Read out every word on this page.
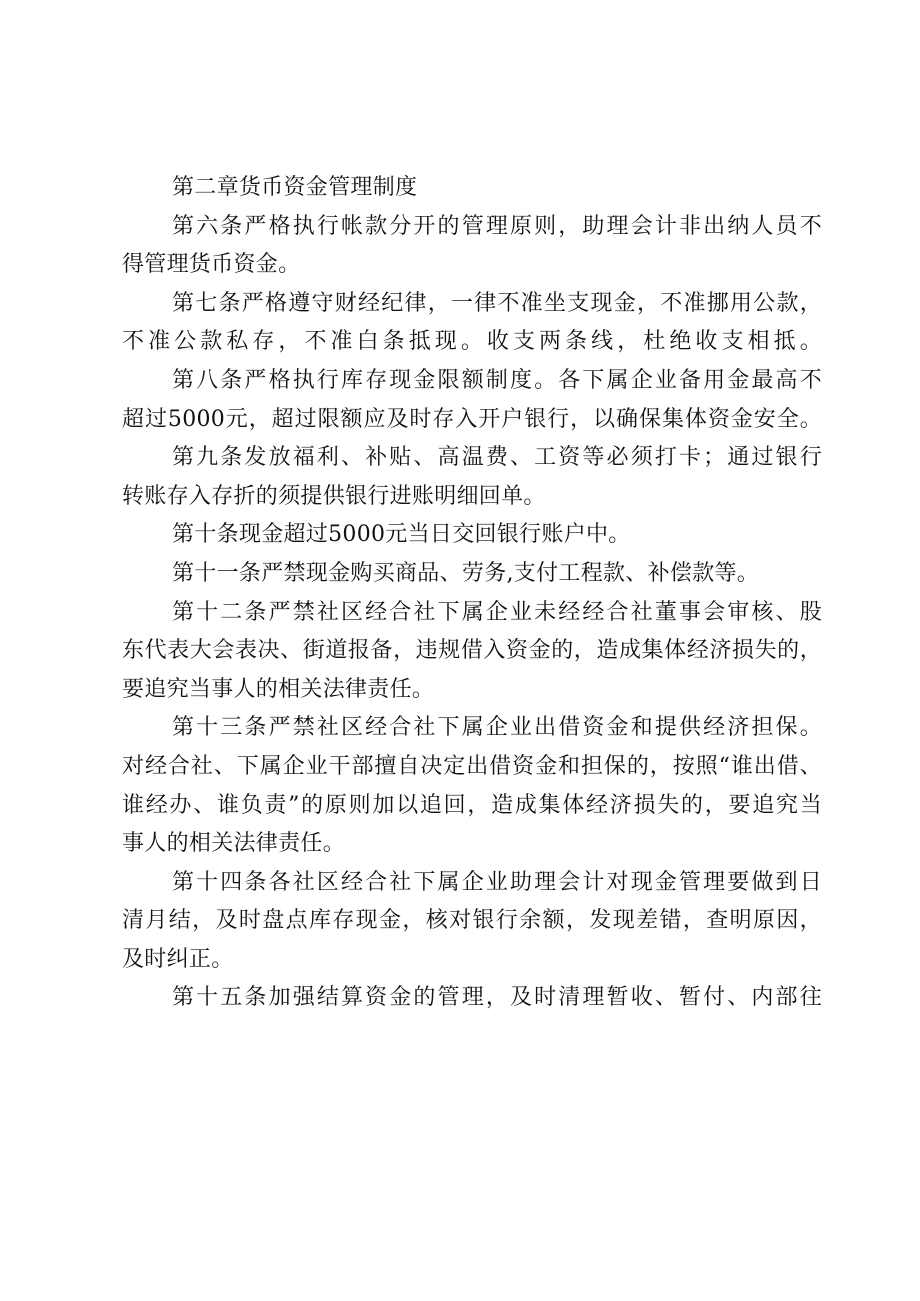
第二章货币资金管理制度
第六条严格执行帐款分开的管理原则，助理会计非出纳人员不
得管理货币资金。
第七条严格遵守财经纪律，一律不准坐支现金，不准挪用公款，
不准公款私存，不准白条抵现。收支两条线，杜绝收支相抵。
第八条严格执行库存现金限额制度。各下属企业备用金最高不
超过5000元，超过限额应及时存入开户银行，以确保集体资金安全。
第九条发放福利、补贴、高温费、工资等必须打卡；通过银行
转账存入存折的须提供银行进账明细回单。
第十条现金超过5000元当日交回银行账户中。
第十一条严禁现金购买商品、劳务,支付工程款、补偿款等。
第十二条严禁社区经合社下属企业未经经合社董事会审核、股
东代表大会表决、街道报备，违规借入资金的，造成集体经济损失的，
要追究当事人的相关法律责任。
第十三条严禁社区经合社下属企业出借资金和提供经济担保。
对经合社、下属企业干部擅自决定出借资金和担保的，按照“谁出借、
谁经办、谁负责”的原则加以追回，造成集体经济损失的，要追究当
事人的相关法律责任。
第十四条各社区经合社下属企业助理会计对现金管理要做到日
清月结，及时盘点库存现金，核对银行余额，发现差错，查明原因，
及时纠正。
第十五条加强结算资金的管理，及时清理暂收、暂付、内部往
